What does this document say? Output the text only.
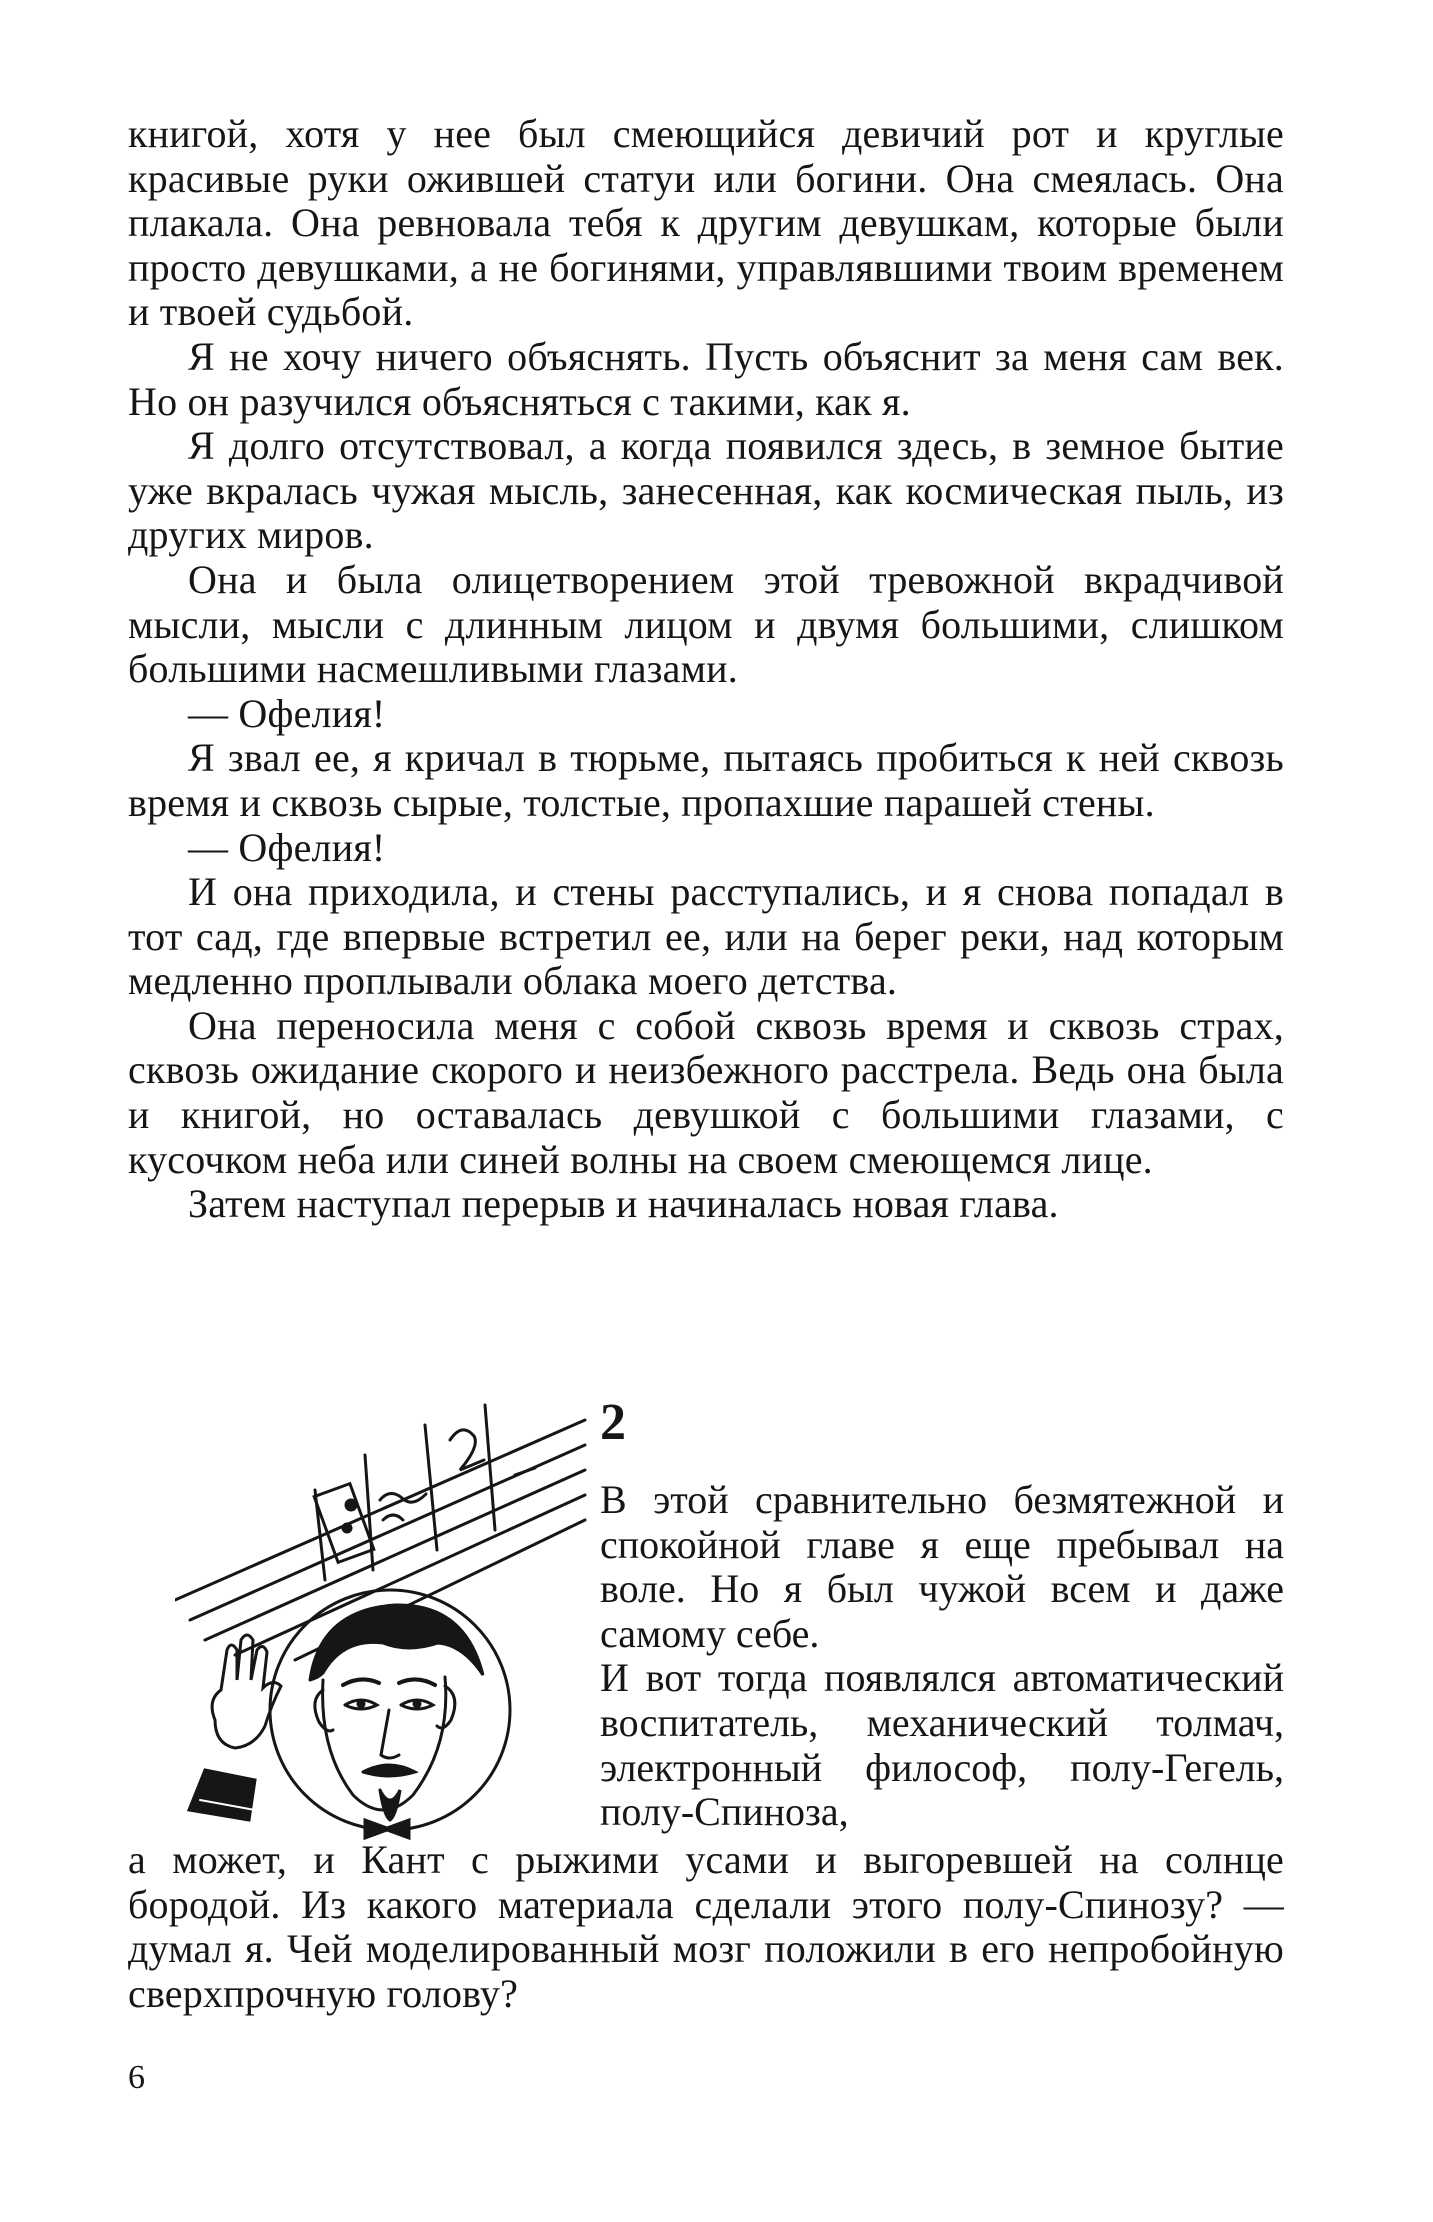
книгой, хотя у нее был смеющийся девичий рот и круглые красивые руки ожившей статуи или богини. Она смеялась. Она плакала. Она ревновала тебя к другим девушкам, которые были просто девушками, а не богинями, управлявшими твоим временем и твоей судьбой.

Я не хочу ничего объяснять. Пусть объяснит за меня сам век. Но он разучился объясняться с такими, как я.

Я долго отсутствовал, а когда появился здесь, в земное бытие уже вкралась чужая мысль, занесенная, как космическая пыль, из других миров.

Она и была олицетворением этой тревожной вкрадчивой мысли, мысли с длинным лицом и двумя большими, слишком большими насмешливыми глазами.

— Офелия!

Я звал ее, я кричал в тюрьме, пытаясь пробиться к ней сквозь время и сквозь сырые, толстые, пропахшие парашей стены.

— Офелия!

И она приходила, и стены расступались, и я снова попадал в тот сад, где впервые встретил ее, или на берег реки, над которым медленно проплывали облака моего детства.

Она переносила меня с собой сквозь время и сквозь страх, сквозь ожидание скорого и неизбежного расстрела. Ведь она была и книгой, но оставалась девушкой с большими глазами, с кусочком неба или синей волны на своем смеющемся лице.

Затем наступал перерыв и начиналась новая глава.

2

В этой сравнительно безмятежной и спокойной главе я еще пребывал на воле. Но я был чужой всем и даже самому себе.

И вот тогда появлялся автоматический воспитатель, механический толмач, электронный философ, полу-Гегель, полу-Спиноза,

а может, и Кант с рыжими усами и выгоревшей на солнце бородой. Из какого материала сделали этого полу-Спинозу? — думал я. Чей моделированный мозг положили в его непробойную сверхпрочную голову?

6
